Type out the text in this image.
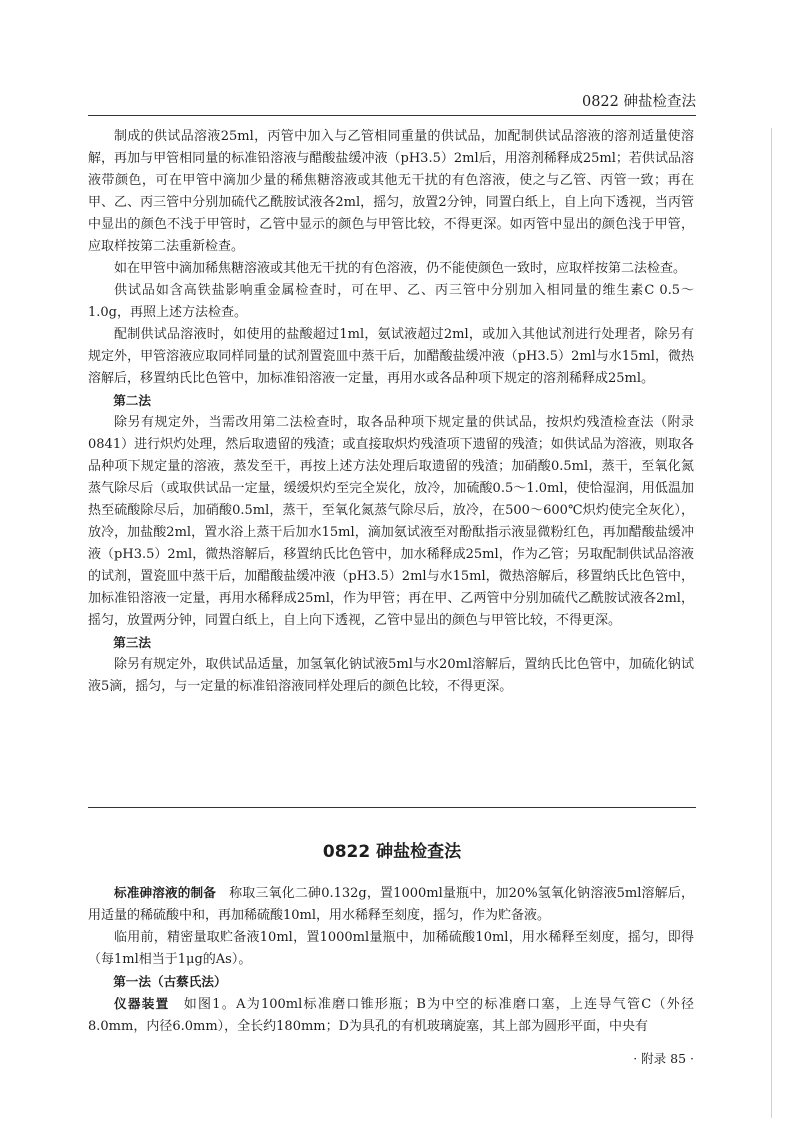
0822 砷盐检查法

制成的供试品溶液25ml，丙管中加入与乙管相同重量的供试品，加配制供试品溶液的溶剂适量使溶解，再加与甲管相同量的标准铅溶液与醋酸盐缓冲液（pH3.5）2ml后，用溶剂稀释成25ml；若供试品溶液带颜色，可在甲管中滴加少量的稀焦糖溶液或其他无干扰的有色溶液，使之与乙管、丙管一致；再在甲、乙、丙三管中分别加硫代乙酰胺试液各2ml，摇匀，放置2分钟，同置白纸上，自上向下透视，当丙管中显出的颜色不浅于甲管时，乙管中显示的颜色与甲管比较，不得更深。如丙管中显出的颜色浅于甲管，应取样按第二法重新检查。

如在甲管中滴加稀焦糖溶液或其他无干扰的有色溶液，仍不能使颜色一致时，应取样按第二法检查。

供试品如含高铁盐影响重金属检查时，可在甲、乙、丙三管中分别加入相同量的维生素C 0.5～1.0g，再照上述方法检查。

配制供试品溶液时，如使用的盐酸超过1ml，氨试液超过2ml，或加入其他试剂进行处理者，除另有规定外，甲管溶液应取同样同量的试剂置瓷皿中蒸干后，加醋酸盐缓冲液（pH3.5）2ml与水15ml，微热溶解后，移置纳氏比色管中，加标准铅溶液一定量，再用水或各品种项下规定的溶剂稀释成25ml。

第二法

除另有规定外，当需改用第二法检查时，取各品种项下规定量的供试品，按炽灼残渣检查法（附录0841）进行炽灼处理，然后取遗留的残渣；或直接取炽灼残渣项下遗留的残渣；如供试品为溶液，则取各品种项下规定量的溶液，蒸发至干，再按上述方法处理后取遗留的残渣；加硝酸0.5ml，蒸干，至氧化氮蒸气除尽后（或取供试品一定量，缓缓炽灼至完全炭化，放冷，加硫酸0.5～1.0ml，使恰湿润，用低温加热至硫酸除尽后，加硝酸0.5ml，蒸干，至氧化氮蒸气除尽后，放冷，在500～600℃炽灼使完全灰化），放冷，加盐酸2ml，置水浴上蒸干后加水15ml，滴加氨试液至对酚酞指示液显微粉红色，再加醋酸盐缓冲液（pH3.5）2ml，微热溶解后，移置纳氏比色管中，加水稀释成25ml，作为乙管；另取配制供试品溶液的试剂，置瓷皿中蒸干后，加醋酸盐缓冲液（pH3.5）2ml与水15ml，微热溶解后，移置纳氏比色管中，加标准铅溶液一定量，再用水稀释成25ml，作为甲管；再在甲、乙两管中分别加硫代乙酰胺试液各2ml，摇匀，放置两分钟，同置白纸上，自上向下透视，乙管中显出的颜色与甲管比较，不得更深。

第三法

除另有规定外，取供试品适量，加氢氧化钠试液5ml与水20ml溶解后，置纳氏比色管中，加硫化钠试液5滴，摇匀，与一定量的标准铅溶液同样处理后的颜色比较，不得更深。

0822 砷盐检查法

标准砷溶液的制备　 称取三氧化二砷0.132g，置1000ml量瓶中，加20%氢氧化钠溶液5ml溶解后，用适量的稀硫酸中和，再加稀硫酸10ml，用水稀释至刻度，摇匀，作为贮备液。

临用前，精密量取贮备液10ml，置1000ml量瓶中，加稀硫酸10ml，用水稀释至刻度，摇匀，即得（每1ml相当于1μg的As）。

第一法（古蔡氏法）

仪器装置　 如图1。A为100ml标准磨口锥形瓶；B为中空的标准磨口塞，上连导气管C（外径8.0mm，内径6.0mm），全长约180mm；D为具孔的有机玻璃旋塞，其上部为圆形平面，中央有

· 附录 85 ·
